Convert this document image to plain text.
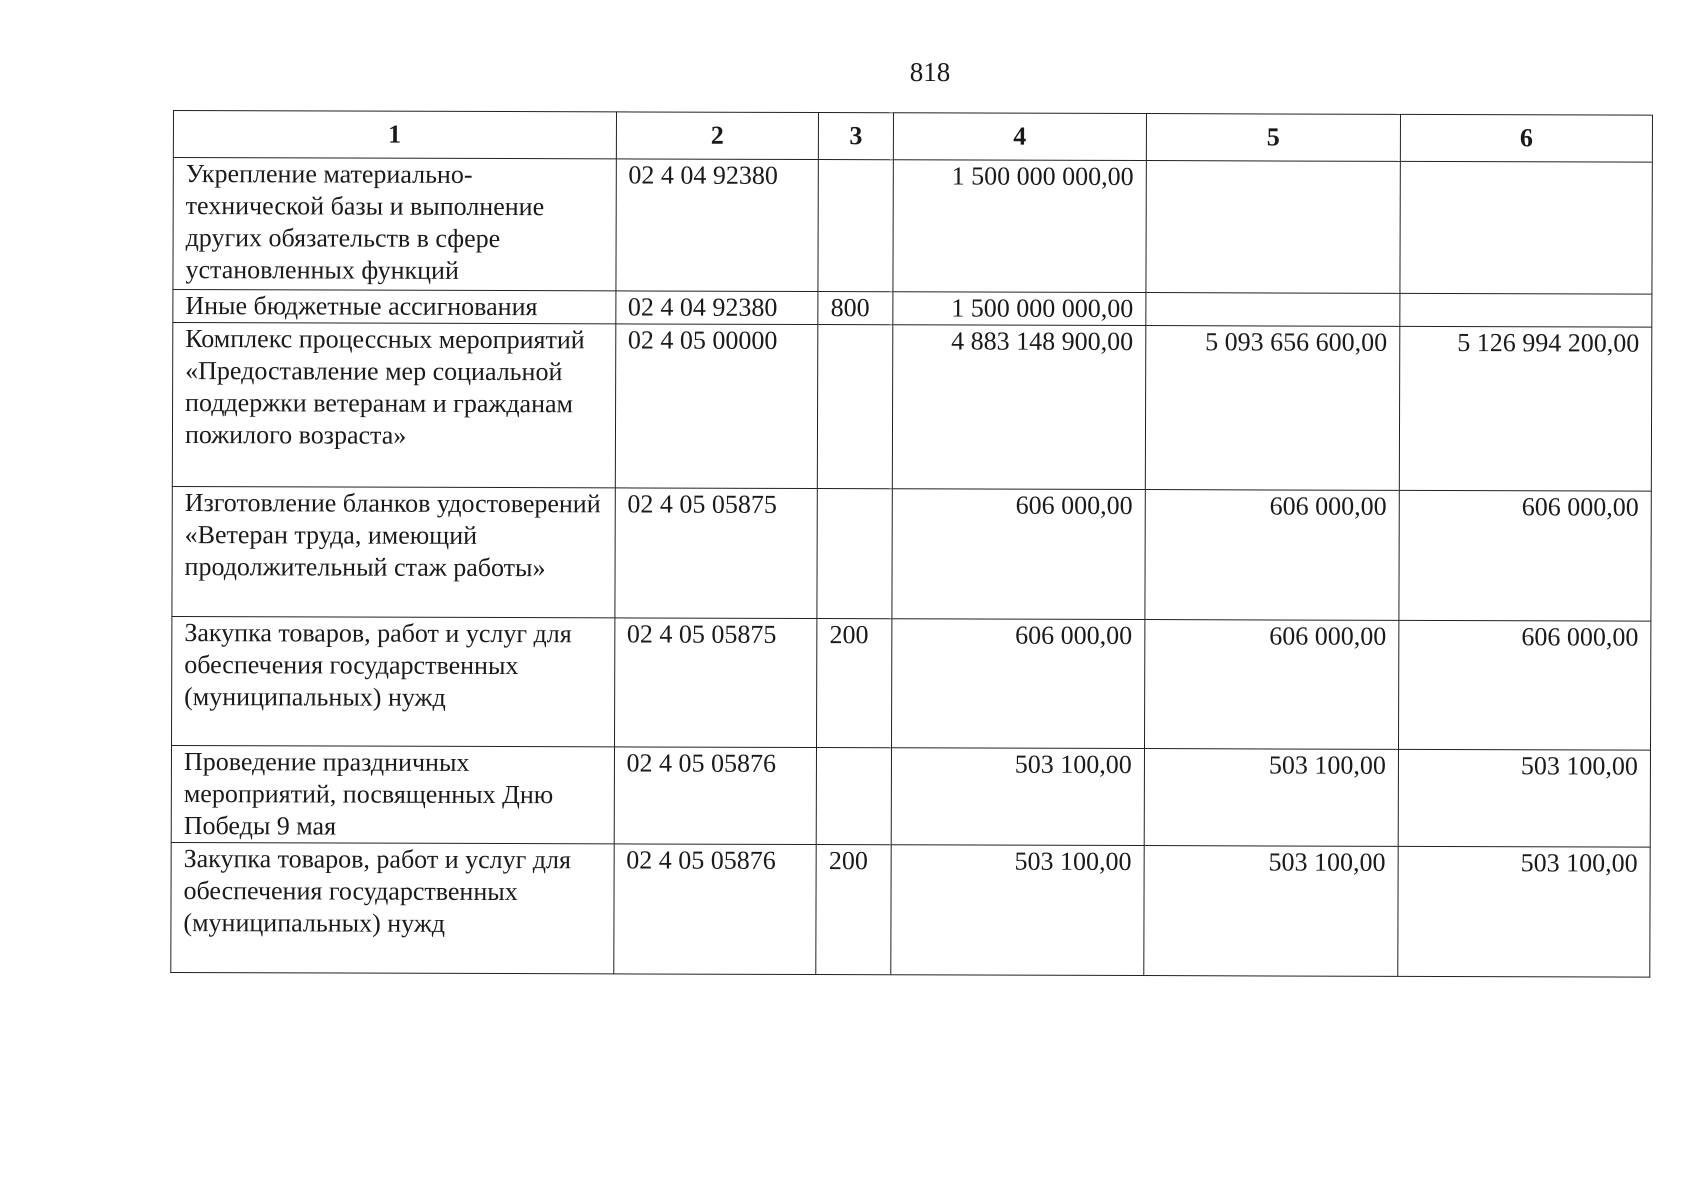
818
1	2	3	4	5	6
Укрепление материально-технической базы и выполнение других обязательств в сфере установленных функций	02 4 04 92380		1 500 000 000,00		
Иные бюджетные ассигнования	02 4 04 92380	800	1 500 000 000,00		
Комплекс процессных мероприятий «Предоставление мер социальной поддержки ветеранам и гражданам пожилого возраста»	02 4 05 00000		4 883 148 900,00	5 093 656 600,00	5 126 994 200,00
Изготовление бланков удостоверений «Ветеран труда, имеющий продолжительный стаж работы»	02 4 05 05875		606 000,00	606 000,00	606 000,00
Закупка товаров, работ и услуг для обеспечения государственных (муниципальных) нужд	02 4 05 05875	200	606 000,00	606 000,00	606 000,00
Проведение праздничных мероприятий, посвященных Дню Победы 9 мая	02 4 05 05876		503 100,00	503 100,00	503 100,00
Закупка товаров, работ и услуг для обеспечения государственных (муниципальных) нужд	02 4 05 05876	200	503 100,00	503 100,00	503 100,00
